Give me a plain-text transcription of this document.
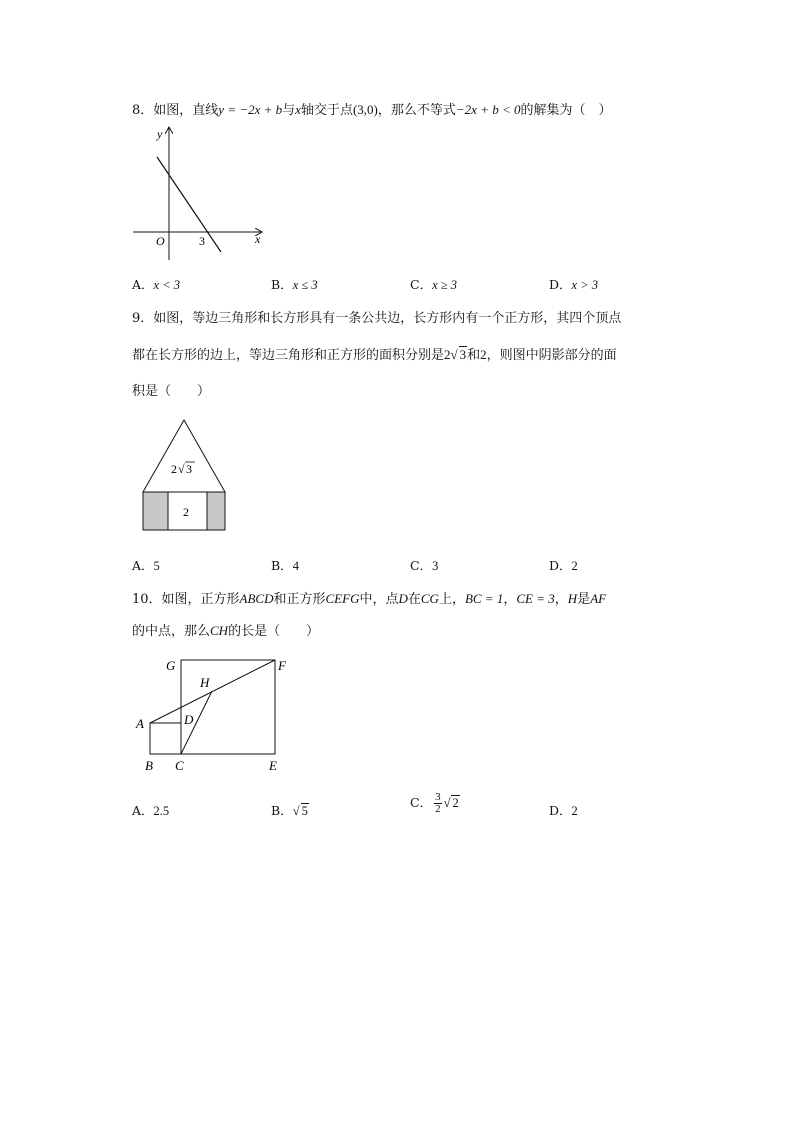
8．如图，直线y = −2x + b与x轴交于点(3,0)，那么不等式−2x + b < 0的解集为（　）
y
x
O	3
A．x < 3	B．x ≤ 3	C．x ≥ 3	D．x > 3
9．如图，等边三角形和长方形具有一条公共边，长方形内有一个正方形，其四个顶点
都在长方形的边上，等边三角形和正方形的面积分别是2√ 3和2，则图中阴影部分的面
积是（　　）
2 √ 3
2
A．5	B．4	C．3	D．2
10．如图，正方形ABCD和正方形CEFG中，点D在CG上，BC = 1，CE = 3，H是AF
的中点，那么CH的长是（　　）
G	F
H
A	D
B C	E
A．2.5	B．√ 5
C． $\frac{3}{2}$ √ 2	D．2
